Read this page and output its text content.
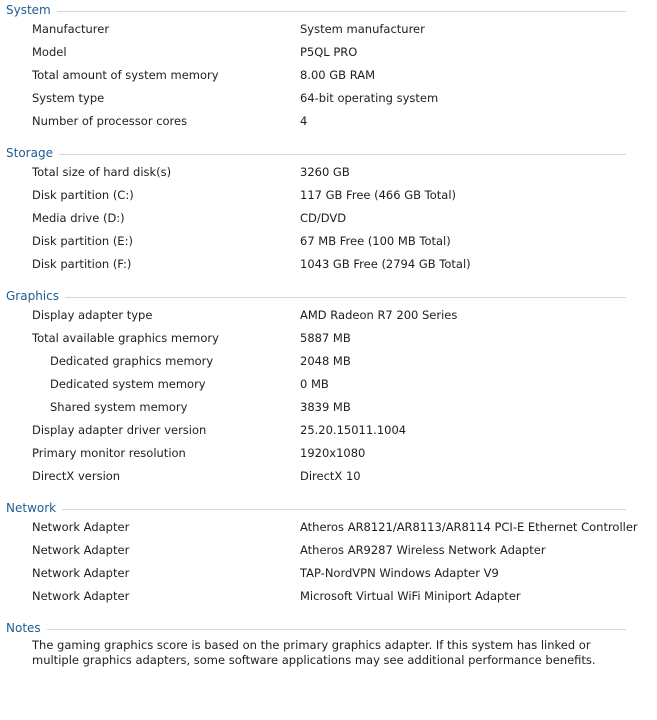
System
Manufacturer	System manufacturer
Model	P5QL PRO
Total amount of system memory	8.00 GB RAM
System type	64-bit operating system
Number of processor cores	4
Storage
Total size of hard disk(s)	3260 GB
Disk partition (C:)	117 GB Free (466 GB Total)
Media drive (D:)	CD/DVD
Disk partition (E:)	67 MB Free (100 MB Total)
Disk partition (F:)	1043 GB Free (2794 GB Total)
Graphics
Display adapter type	AMD Radeon R7 200 Series
Total available graphics memory	5887 MB
Dedicated graphics memory	2048 MB
Dedicated system memory	0 MB
Shared system memory	3839 MB
Display adapter driver version	25.20.15011.1004
Primary monitor resolution	1920x1080
DirectX version	DirectX 10
Network
Network Adapter	Atheros AR8121/AR8113/AR8114 PCI-E Ethernet Controller
Network Adapter	Atheros AR9287 Wireless Network Adapter
Network Adapter	TAP-NordVPN Windows Adapter V9
Network Adapter	Microsoft Virtual WiFi Miniport Adapter
Notes
The gaming graphics score is based on the primary graphics adapter. If this system has linked or multiple graphics adapters, some software applications may see additional performance benefits.
